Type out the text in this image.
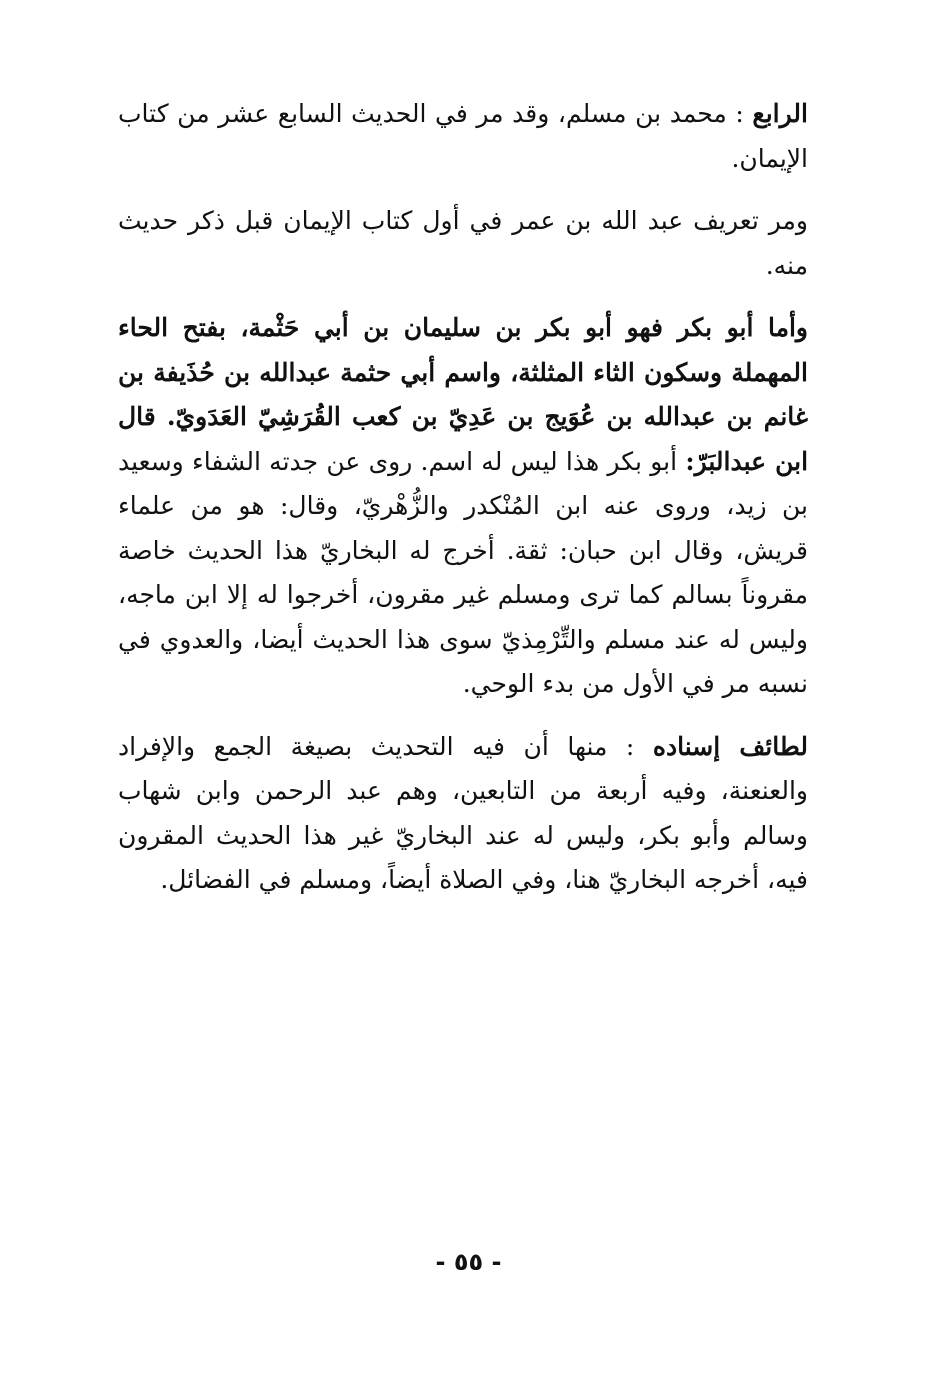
الرابع : محمد بن مسلم، وقد مر في الحديث السابع عشر من كتاب الإيمان.

ومر تعريف عبد الله بن عمر في أول كتاب الإيمان قبل ذكر حديث منه.

وأما أبو بكر فهو أبو بكر بن سليمان بن أبي حَثْمة، بفتح الحاء المهملة وسكون الثاء المثلثة، واسم أبي حثمة عبدالله بن حُذَيفة بن غانم بن عبدالله بن عُوَيج بن عَدِيّ بن كعب القُرَشِيّ العَدَويّ. قال ابن عبدالبَرّ: أبو بكر هذا ليس له اسم. روى عن جدته الشفاء وسعيد بن زيد، وروى عنه ابن المُنْكدر والزُّهْريّ، وقال: هو من علماء قريش، وقال ابن حبان: ثقة. أخرج له البخاريّ هذا الحديث خاصة مقروناً بسالم كما ترى ومسلم غير مقرون، أخرجوا له إلا ابن ماجه، وليس له عند مسلم والتِّرْمِذيّ سوى هذا الحديث أيضا، والعدوي في نسبه مر في الأول من بدء الوحي.

لطائف إسناده : منها أن فيه التحديث بصيغة الجمع والإفراد والعنعنة، وفيه أربعة من التابعين، وهم عبد الرحمن وابن شهاب وسالم وأبو بكر، وليس له عند البخاريّ غير هذا الحديث المقرون فيه، أخرجه البخاريّ هنا، وفي الصلاة أيضاً، ومسلم في الفضائل.

- ٥٥ -
